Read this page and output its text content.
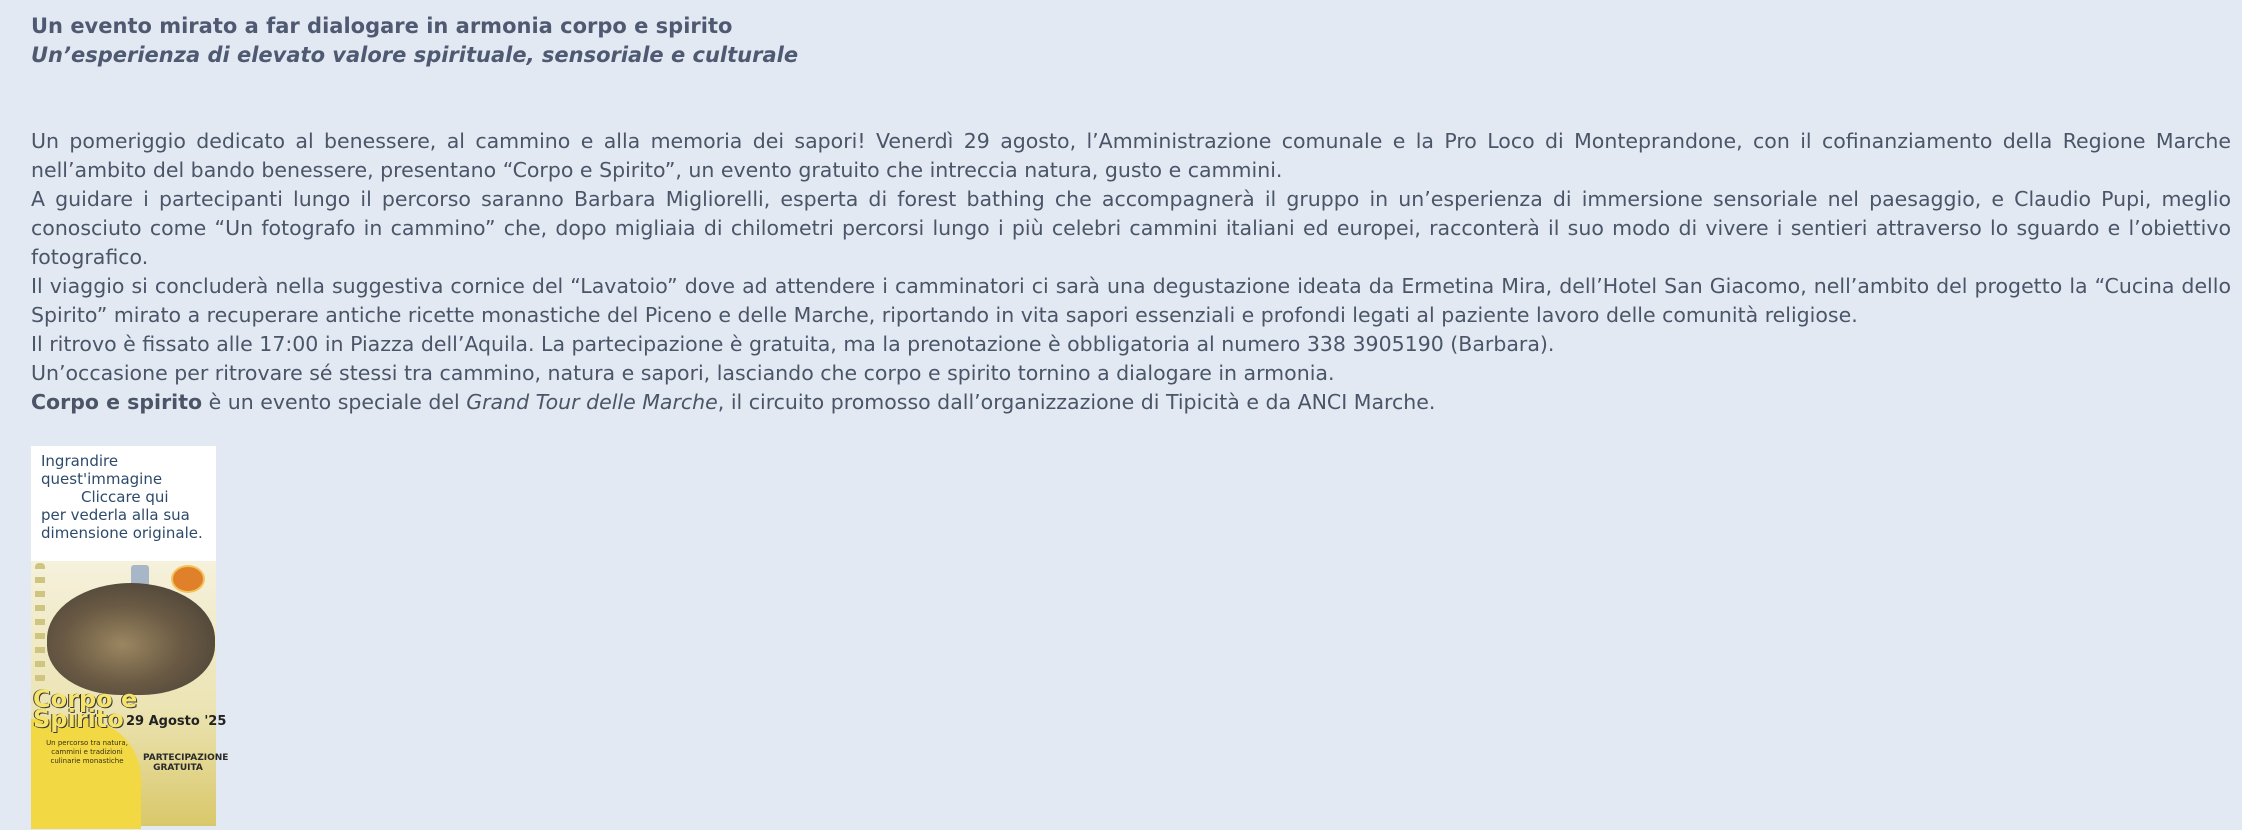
Un evento mirato a far dialogare in armonia corpo e spirito
Un’esperienza di elevato valore spirituale, sensoriale e culturale

Un pomeriggio dedicato al benessere, al cammino e alla memoria dei sapori! Venerdì 29 agosto, l’Amministrazione comunale e la Pro Loco di Monteprandone, con il cofinanziamento della Regione Marche nell’ambito del bando benessere, presentano “Corpo e Spirito”, un evento gratuito che intreccia natura, gusto e cammini.

A guidare i partecipanti lungo il percorso saranno Barbara Migliorelli, esperta di forest bathing che accompagnerà il gruppo in un’esperienza di immersione sensoriale nel paesaggio, e Claudio Pupi, meglio conosciuto come “Un fotografo in cammino” che, dopo migliaia di chilometri percorsi lungo i più celebri cammini italiani ed europei, racconterà il suo modo di vivere i sentieri attraverso lo sguardo e l’obiettivo fotografico.

Il viaggio si concluderà nella suggestiva cornice del “Lavatoio” dove ad attendere i camminatori ci sarà una degustazione ideata da Ermetina Mira, dell’Hotel San Giacomo, nell’ambito del progetto la “Cucina dello Spirito” mirato a recuperare antiche ricette monastiche del Piceno e delle Marche, riportando in vita sapori essenziali e profondi legati al paziente lavoro delle comunità religiose.

Il ritrovo è fissato alle 17:00 in Piazza dell’Aquila. La partecipazione è gratuita, ma la prenotazione è obbligatoria al numero 338 3905190 (Barbara).

Un’occasione per ritrovare sé stessi tra cammino, natura e sapori, lasciando che corpo e spirito tornino a dialogare in armonia.

Corpo e spirito è un evento speciale del Grand Tour delle Marche, il circuito promosso dall’organizzazione di Tipicità e da ANCI Marche.

Ingrandire quest'immagine
Cliccare qui
per vederla alla sua dimensione originale.
Corpo e
Spirito 29 Agosto '25
Un percorso tra natura, cammini e tradizioni culinarie monastiche	PARTECIPAZIONE GRATUITA
